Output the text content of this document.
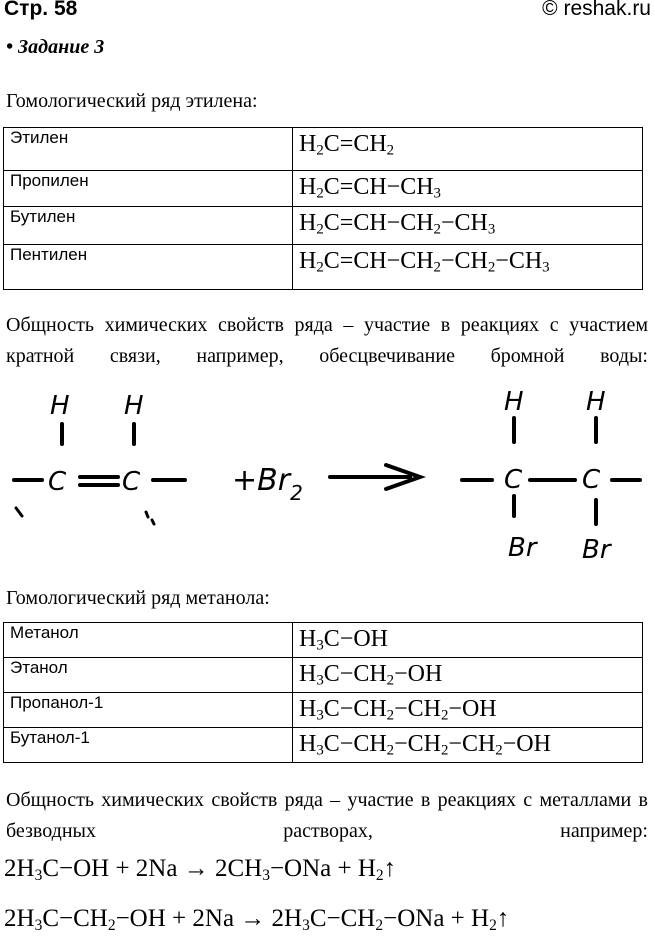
Стр. 58	© reshak.ru
• Задание 3
Гомологический ряд этилена:
Этилен	$H_2C=CH_2$
Пропилен	$H_2C=CH-CH_3$
Бутилен	$H_2C=CH-CH_2-CH_3$
Пентилен	$H_2C=CH-CH_2-CH_2-CH_3$
Общность химических свойств ряда – участие в реакциях с участием кратной связи, например, обесцвечивание бромной воды:
H H
C C	$+Br_2$
H H
C C
Br Br
Гомологический ряд метанола:
Метанол	$H_3C-OH$
Этанол	$H_3C-CH_2-OH$
Пропанол-1	$H_3C-CH_2-CH_2-OH$
Бутанол-1	$H_3C-CH_2-CH_2-CH_2-OH$
Общность химических свойств ряда – участие в реакциях с металлами в безводных растворах, например:
$2H_3C-OH + 2Na \to 2CH_3-ONa$ + $H_2↑$
$2H_3C-CH_2-OH + 2Na \to 2H_3C-CH_2-ONa$ + $H_2↑$
